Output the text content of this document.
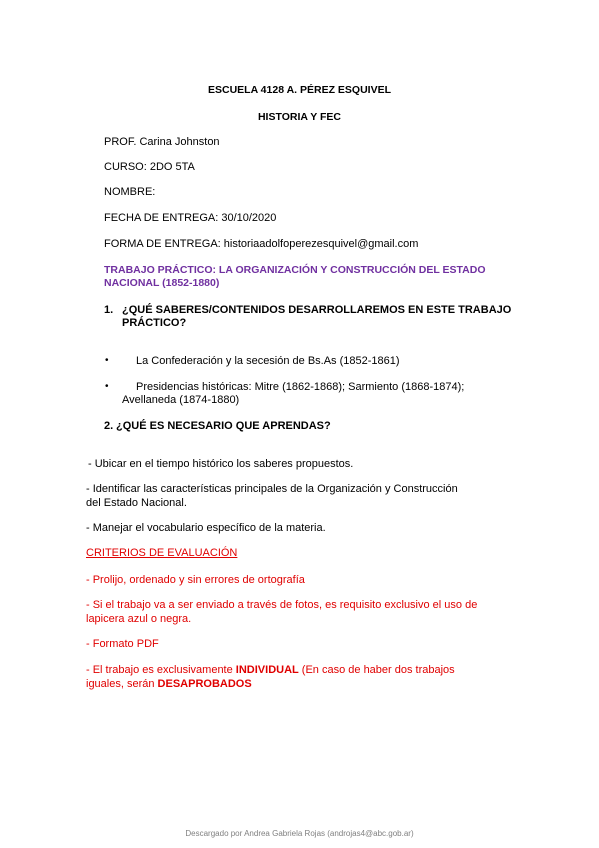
ESCUELA 4128 A. PÉREZ ESQUIVEL
HISTORIA Y FEC
PROF. Carina Johnston
CURSO: 2DO 5TA
NOMBRE:
FECHA DE ENTREGA: 30/10/2020
FORMA DE ENTREGA: historiaadolfoperezesquivel@gmail.com
TRABAJO PRÁCTICO: LA ORGANIZACIÓN Y CONSTRUCCIÓN DEL ESTADO
NACIONAL (1852-1880)
1. ¿QUÉ SABERES/CONTENIDOS DESARROLLAREMOS EN ESTE TRABAJO
PRÁCTICO?
• La Confederación y la secesión de Bs.As (1852-1861)
• Presidencias históricas: Mitre (1862-1868); Sarmiento (1868-1874);
Avellaneda (1874-1880)
2. ¿QUÉ ES NECESARIO QUE APRENDAS?
- Ubicar en el tiempo histórico los saberes propuestos.
- Identificar las características principales de la Organización y Construcción
del Estado Nacional.
- Manejar el vocabulario específico de la materia.
CRITERIOS DE EVALUACIÓN
- Prolijo, ordenado y sin errores de ortografía
- Si el trabajo va a ser enviado a través de fotos, es requisito exclusivo el uso de
lapicera azul o negra.
- Formato PDF
- El trabajo es exclusivamente INDIVIDUAL (En caso de haber dos trabajos
iguales, serán DESAPROBADOS
Descargado por Andrea Gabriela Rojas (androjas4@abc.gob.ar)
